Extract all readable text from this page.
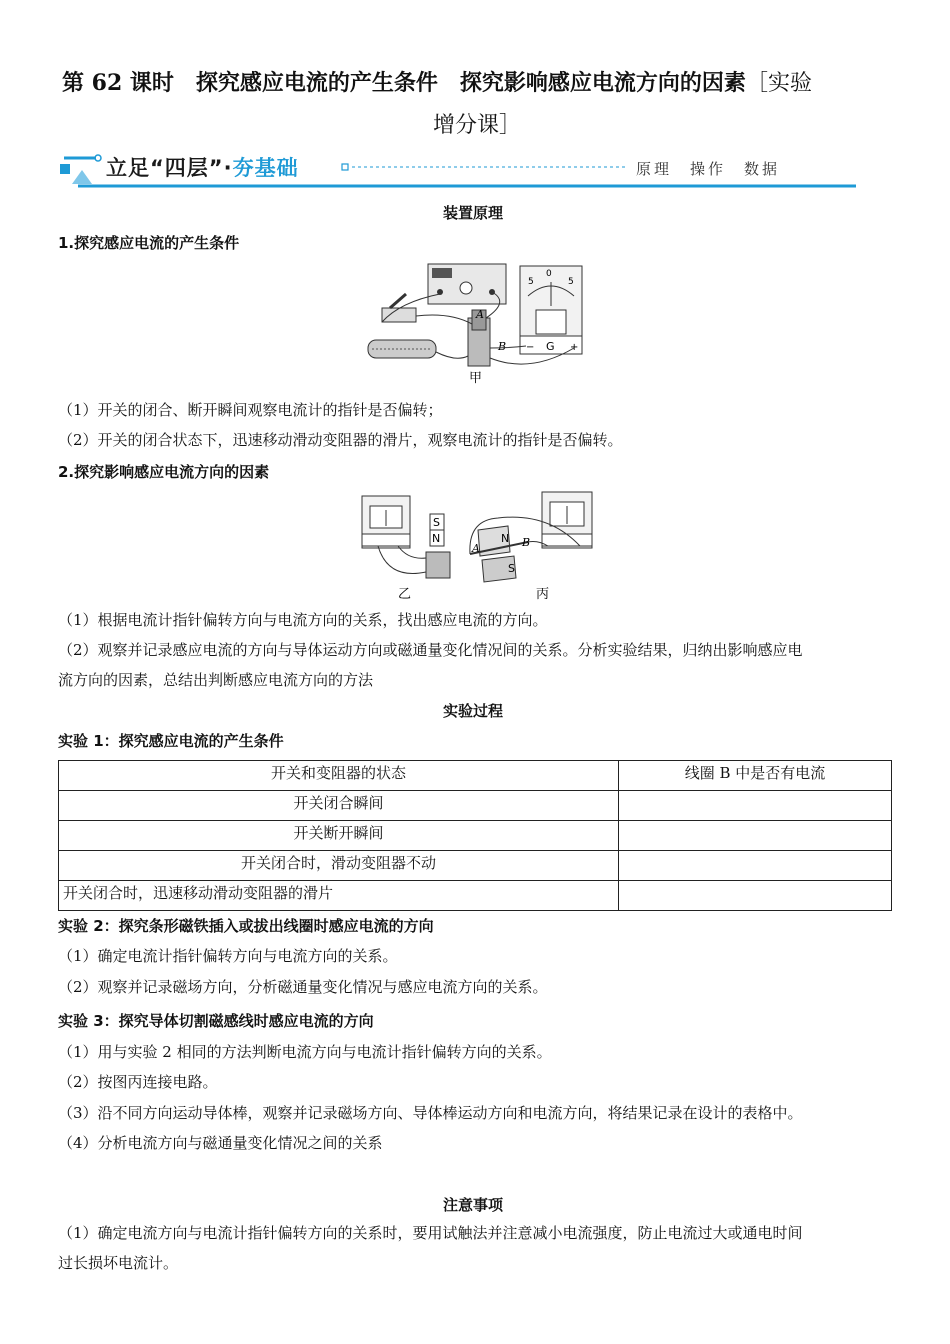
第 62 课时　探究感应电流的产生条件　探究影响感应电流方向的因素［实验
增分课］
立足“四层”·夯基础	原理　操作　数据
装置原理
1.探究感应电流的产生条件
0
5	5
− G +
A
B
甲
（1）开关的闭合、断开瞬间观察电流计的指针是否偏转；
（2）开关的闭合状态下，迅速移动滑动变阻器的滑片，观察电流计的指针是否偏转。
2.探究影响感应电流方向的因素
S
N	N
S
A	B
乙	丙
（1）根据电流计指针偏转方向与电流方向的关系，找出感应电流的方向。
（2）观察并记录感应电流的方向与导体运动方向或磁通量变化情况间的关系。分析实验结果，归纳出影响感应电
流方向的因素，总结出判断感应电流方向的方法
实验过程
实验 1：探究感应电流的产生条件
开关和变阻器的状态	线圈 B 中是否有电流
开关闭合瞬间	
开关断开瞬间	
开关闭合时，滑动变阻器不动	
开关闭合时，迅速移动滑动变阻器的滑片	
实验 2：探究条形磁铁插入或拔出线圈时感应电流的方向
（1）确定电流计指针偏转方向与电流方向的关系。
（2）观察并记录磁场方向，分析磁通量变化情况与感应电流方向的关系。
实验 3：探究导体切割磁感线时感应电流的方向
（1）用与实验 2 相同的方法判断电流方向与电流计指针偏转方向的关系。
（2）按图丙连接电路。
（3）沿不同方向运动导体棒，观察并记录磁场方向、导体棒运动方向和电流方向，将结果记录在设计的表格中。
（4）分析电流方向与磁通量变化情况之间的关系
注意事项
（1）确定电流方向与电流计指针偏转方向的关系时，要用试触法并注意减小电流强度，防止电流过大或通电时间
过长损坏电流计。
